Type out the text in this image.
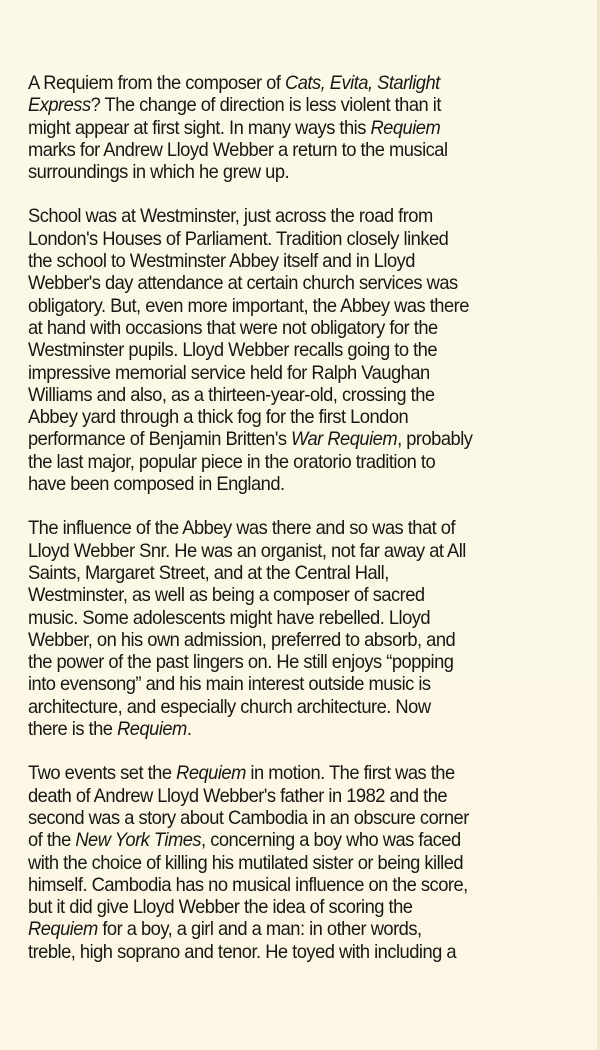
A Requiem from the composer of Cats, Evita, Starlight
Express? The change of direction is less violent than it
might appear at first sight. In many ways this Requiem
marks for Andrew Lloyd Webber a return to the musical
surroundings in which he grew up.

School was at Westminster, just across the road from
London's Houses of Parliament. Tradition closely linked
the school to Westminster Abbey itself and in Lloyd
Webber's day attendance at certain church services was
obligatory. But, even more important, the Abbey was there
at hand with occasions that were not obligatory for the
Westminster pupils. Lloyd Webber recalls going to the
impressive memorial service held for Ralph Vaughan
Williams and also, as a thirteen-year-old, crossing the
Abbey yard through a thick fog for the first London
performance of Benjamin Britten's War Requiem, probably
the last major, popular piece in the oratorio tradition to
have been composed in England.

The influence of the Abbey was there and so was that of
Lloyd Webber Snr. He was an organist, not far away at All
Saints, Margaret Street, and at the Central Hall,
Westminster, as well as being a composer of sacred
music. Some adolescents might have rebelled. Lloyd
Webber, on his own admission, preferred to absorb, and
the power of the past lingers on. He still enjoys “popping
into evensong” and his main interest outside music is
architecture, and especially church architecture. Now
there is the Requiem.

Two events set the Requiem in motion. The first was the
death of Andrew Lloyd Webber's father in 1982 and the
second was a story about Cambodia in an obscure corner
of the New York Times, concerning a boy who was faced
with the choice of killing his mutilated sister or being killed
himself. Cambodia has no musical influence on the score,
but it did give Lloyd Webber the idea of scoring the
Requiem for a boy, a girl and a man: in other words,
treble, high soprano and tenor. He toyed with including a
